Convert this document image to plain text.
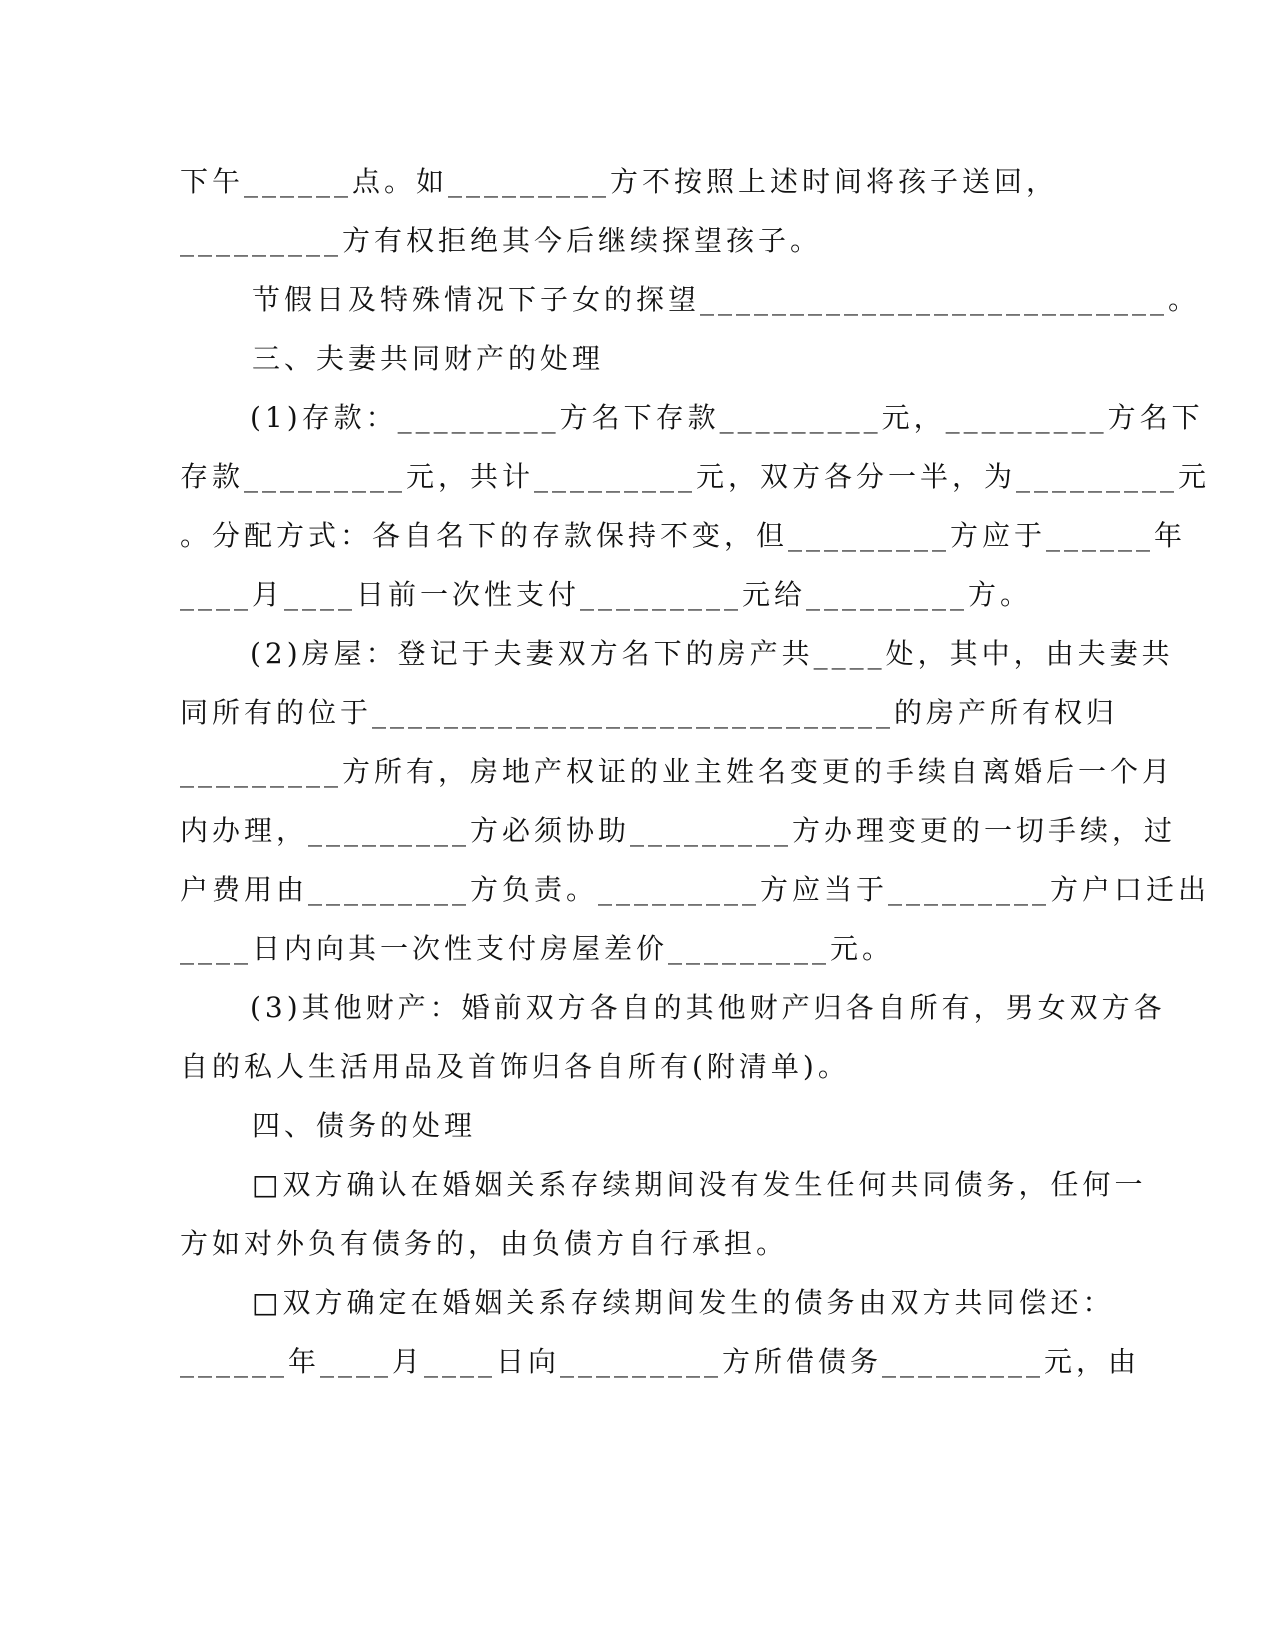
下午______点。如_________方不按照上述时间将孩子送回，
_________方有权拒绝其今后继续探望孩子。
节假日及特殊情况下子女的探望__________________________。
三、夫妻共同财产的处理
(1)存款：_________方名下存款_________元，_________方名下
存款_________元，共计_________元，双方各分一半，为_________元
。分配方式：各自名下的存款保持不变，但_________方应于______年
____月____日前一次性支付_________元给_________方。
(2)房屋：登记于夫妻双方名下的房产共____处，其中，由夫妻共
同所有的位于_____________________________的房产所有权归
_________方所有，房地产权证的业主姓名变更的手续自离婚后一个月
内办理，_________方必须协助_________方办理变更的一切手续，过
户费用由_________方负责。_________方应当于_________方户口迁出
____日内向其一次性支付房屋差价_________元。
(3)其他财产：婚前双方各自的其他财产归各自所有，男女双方各
自的私人生活用品及首饰归各自所有(附清单)。
四、债务的处理
□双方确认在婚姻关系存续期间没有发生任何共同债务，任何一
方如对外负有债务的，由负债方自行承担。
□双方确定在婚姻关系存续期间发生的债务由双方共同偿还：
______年____月____日向_________方所借债务_________元，由
